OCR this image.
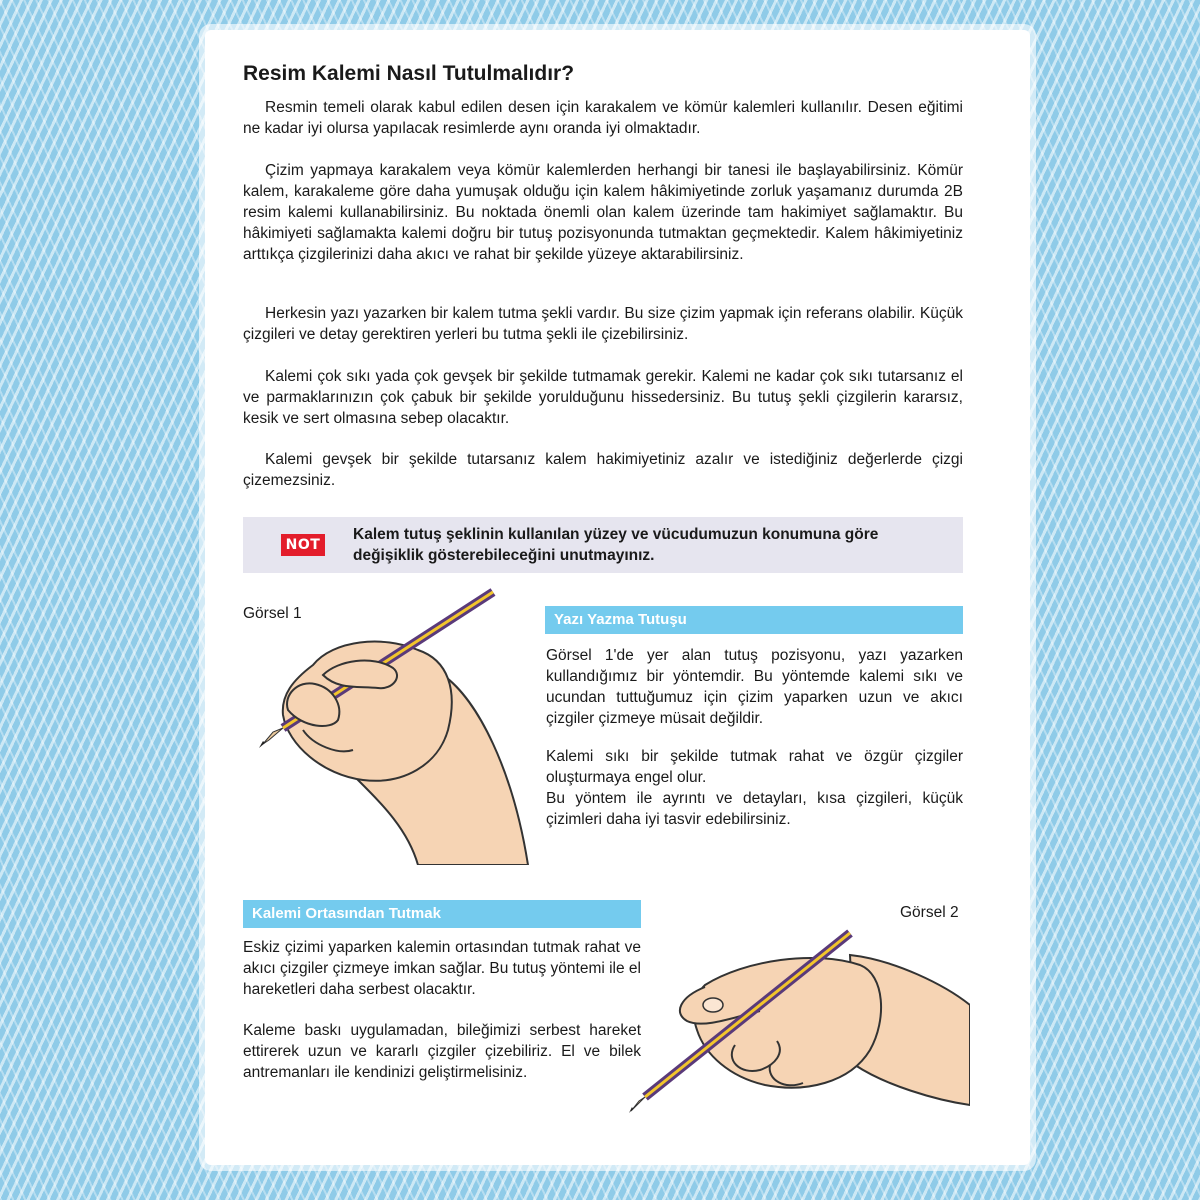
Resim Kalemi Nasıl Tutulmalıdır?

Resmin temeli olarak kabul edilen desen için karakalem ve kömür kalemleri kullanılır. Desen eğitimi ne kadar iyi olursa yapılacak resimlerde aynı oranda iyi olmaktadır.

Çizim yapmaya karakalem veya kömür kalemlerden herhangi bir tanesi ile başlayabilirsiniz. Kömür kalem, karakaleme göre daha yumuşak olduğu için kalem hâkimiyetinde zorluk yaşamanız durumda 2B resim kalemi kullanabilirsiniz. Bu noktada önemli olan kalem üzerinde tam hakimiyet sağlamaktır. Bu hâkimiyeti sağlamakta kalemi doğru bir tutuş pozisyonunda tutmaktan geçmektedir. Kalem hâkimiyetiniz arttıkça çizgilerinizi daha akıcı ve rahat bir şekilde yüzeye aktarabilirsiniz.

Herkesin yazı yazarken bir kalem tutma şekli vardır. Bu size çizim yapmak için referans olabilir. Küçük çizgileri ve detay gerektiren yerleri bu tutma şekli ile çizebilirsiniz.

Kalemi çok sıkı yada çok gevşek bir şekilde tutmamak gerekir. Kalemi ne kadar çok sıkı tutarsanız el ve parmaklarınızın çok çabuk bir şekilde yorulduğunu hissedersiniz. Bu tutuş şekli çizgilerin kararsız, kesik ve sert olmasına sebep olacaktır.

Kalemi gevşek bir şekilde tutarsanız kalem hakimiyetiniz azalır ve istediğiniz değerlerde çizgi çizemezsiniz.

NOT

Kalem tutuş şeklinin kullanılan yüzey ve vücudumuzun konumuna göre değişiklik gösterebileceğini unutmayınız.

Görsel 1	Yazı Yazma Tutuşu

Görsel 1'de yer alan tutuş pozisyonu, yazı yazarken kullandığımız bir yöntemdir. Bu yöntemde kalemi sıkı ve ucundan tuttuğumuz için çizim yaparken uzun ve akıcı çizgiler çizmeye müsait değildir.

Kalemi sıkı bir şekilde tutmak rahat ve özgür çizgiler oluşturmaya engel olur.

Bu yöntem ile ayrıntı ve detayları, kısa çizgileri, küçük çizimleri daha iyi tasvir edebilirsiniz.

Kalemi Ortasından Tutmak	Görsel 2

Eskiz çizimi yaparken kalemin ortasından tutmak rahat ve akıcı çizgiler çizmeye imkan sağlar. Bu tutuş yöntemi ile el hareketleri daha serbest olacaktır.

Kaleme baskı uygulamadan, bileğimizi serbest hareket ettirerek uzun ve kararlı çizgiler çizebiliriz. El ve bilek antremanları ile kendinizi geliştirmelisiniz.
